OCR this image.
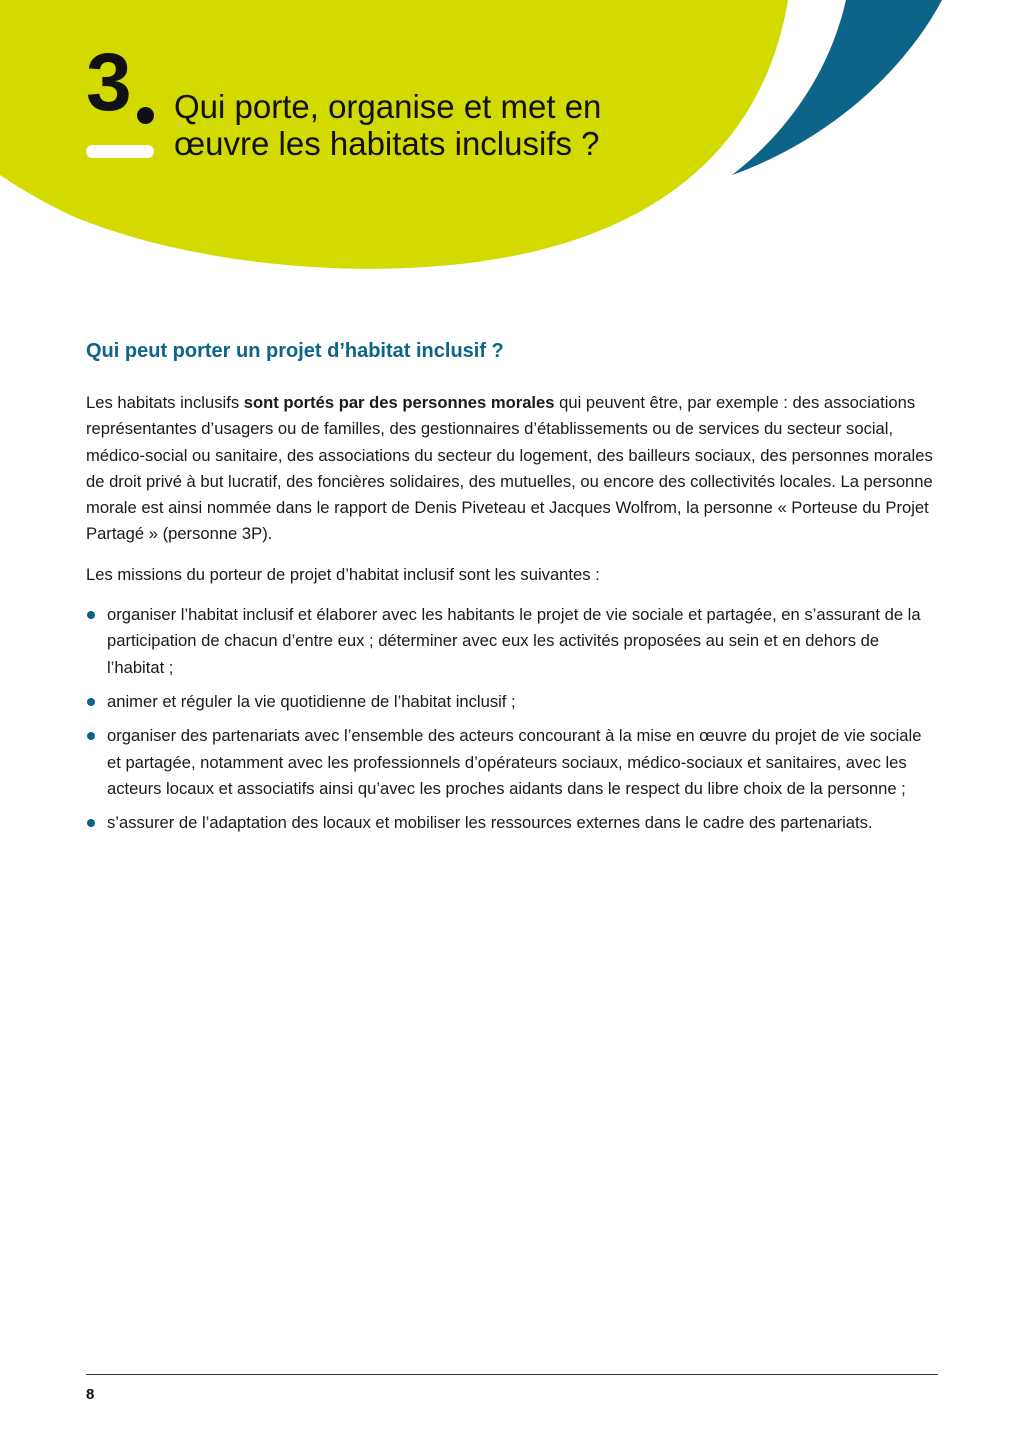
3 Qui porte, organise et met en œuvre les habitats inclusifs ?
Qui peut porter un projet d’habitat inclusif ?

Les habitats inclusifs sont portés par des personnes morales qui peuvent être, par exemple : des associations représentantes d’usagers ou de familles, des gestionnaires d’établissements ou de services du secteur social, médico-social ou sanitaire, des associations du secteur du logement, des bailleurs sociaux, des personnes morales de droit privé à but lucratif, des foncières solidaires, des mutuelles, ou encore des collectivités locales. La personne morale est ainsi nommée dans le rapport de Denis Piveteau et Jacques Wolfrom, la personne « Porteuse du Projet Partagé » (personne 3P).

Les missions du porteur de projet d’habitat inclusif sont les suivantes :

organiser l’habitat inclusif et élaborer avec les habitants le projet de vie sociale et partagée, en s’assurant de la participation de chacun d’entre eux ; déterminer avec eux les activités proposées au sein et en dehors de l’habitat ;
animer et réguler la vie quotidienne de l’habitat inclusif ;
organiser des partenariats avec l’ensemble des acteurs concourant à la mise en œuvre du projet de vie sociale et partagée, notamment avec les professionnels d’opérateurs sociaux, médico-sociaux et sanitaires, avec les acteurs locaux et associatifs ainsi qu’avec les proches aidants dans le respect du libre choix de la personne ;
s’assurer de l’adaptation des locaux et mobiliser les ressources externes dans le cadre des partenariats.
8
